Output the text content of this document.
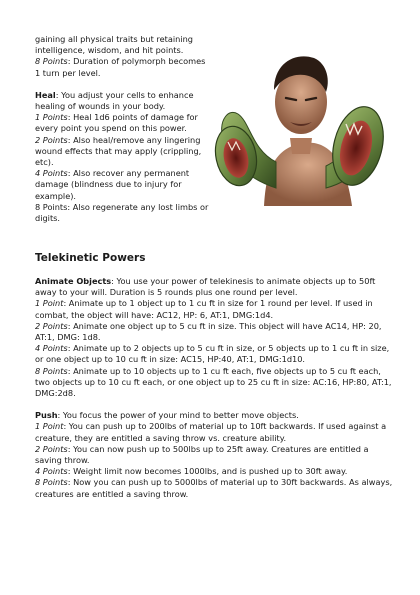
gaining all physical traits but retaining intelligence, wisdom, and hit points.

8 Points: Duration of polymorph becomes 1 turn per level.

Heal: You adjust your cells to enhance healing of wounds in your body.

1 Points: Heal 1d6 points of damage for every point you spend on this power.

2 Points: Also heal/remove any lingering wound effects that may apply (crippling, etc).

4 Points: Also recover any permanent damage (blindness due to injury for example).

8 Points: Also regenerate any lost limbs or digits.

Telekinetic Powers

Animate Objects: You use your power of telekinesis to animate objects up to 50ft away to your will. Duration is 5 rounds plus one round per level.

1 Point: Animate up to 1 object up to 1 cu ft in size for 1 round per level. If used in combat, the object will have: AC12, HP: 6, AT:1, DMG:1d4.

2 Points: Animate one object up to 5 cu ft in size. This object will have AC14, HP: 20, AT:1, DMG: 1d8.

4 Points: Animate up to 2 objects up to 5 cu ft in size, or 5 objects up to 1 cu ft in size, or one object up to 10 cu ft in size: AC15, HP:40, AT:1, DMG:1d10.

8 Points: Animate up to 10 objects up to 1 cu ft each, five objects up to 5 cu ft each, two objects up to 10 cu ft each, or one object up to 25 cu ft in size: AC:16, HP:80, AT:1, DMG:2d8.

Push: You focus the power of your mind to better move objects.

1 Point: You can push up to 200lbs of material up to 10ft backwards. If used against a creature, they are entitled a saving throw vs. creature ability.

2 Points: You can now push up to 500lbs up to 25ft away. Creatures are entitled a saving throw.

4 Points: Weight limit now becomes 1000lbs, and is pushed up to 30ft away.

8 Points: Now you can push up to 5000lbs of material up to 30ft backwards. As always, creatures are entitled a saving throw.
